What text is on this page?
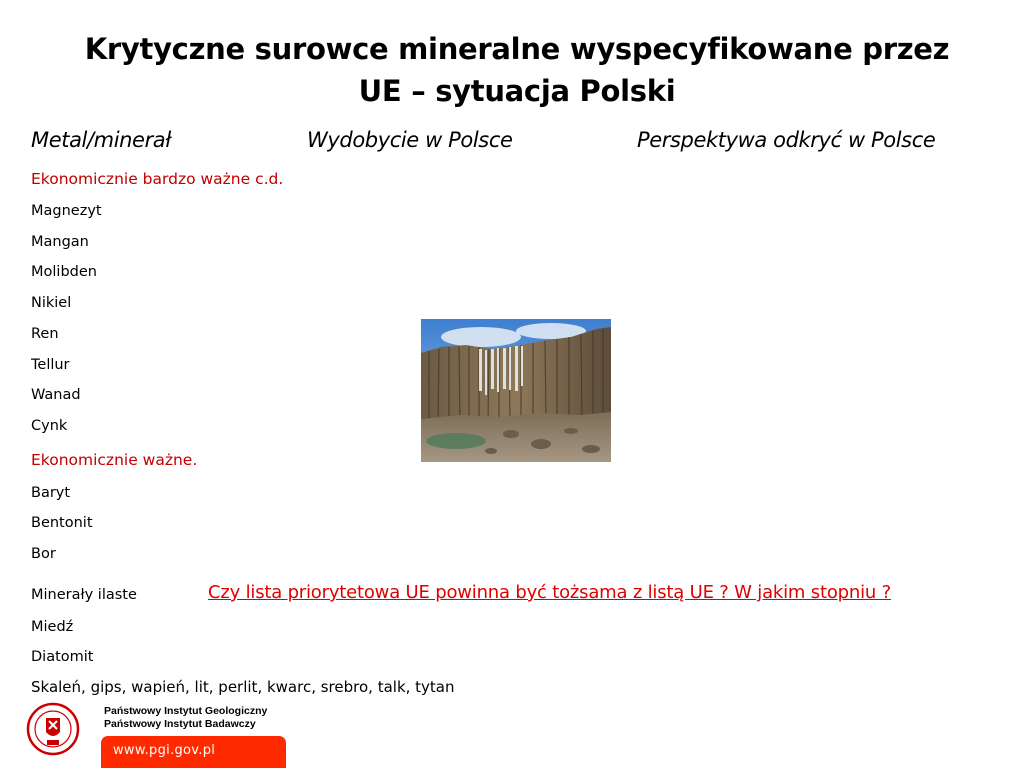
Krytyczne surowce mineralne wyspecyfikowane przez
UE – sytuacja Polski
Metal/minerał	Wydobycie w Polsce	Perspektywa odkryć w Polsce
Ekonomicznie bardzo ważne c.d.
Magnezyt
Mangan
Molibden
Nikiel
Ren
Tellur
Wanad
Cynk
Ekonomicznie ważne.
Baryt
Bentonit
Bor
Minerały ilaste
Miedź
Diatomit
Skaleń, gips, wapień, lit, perlit, kwarc, srebro, talk, tytan
Czy lista priorytetowa UE powinna być tożsama z listą UE ? W jakim stopniu ?
Państwowy Instytut Geologiczny
Państwowy Instytut Badawczy
www.pgi.gov.pl
